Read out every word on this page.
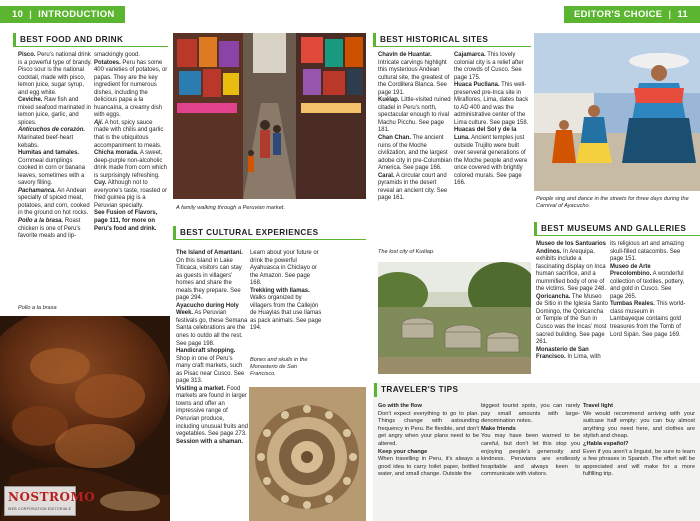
10 | INTRODUCTION	EDITOR'S CHOICE | 11
BEST FOOD AND DRINK

Pisco. Peru's national drink is a powerful type of brandy. Pisco sour is the national cocktail, made with pisco, lemon juice, sugar syrup, and egg white.

Ceviche. Raw fish and mixed seafood marinated in lemon juice, garlic, and spices.

Anticuchos de corazón. Marinated beef-heart kebabs.

Humitas and tamales. Cornmeal dumplings cooked in corn or banana leaves, sometimes with a savory filling.

Pachamanca. An Andean specialty of spiced meat, potatoes, and corn, cooked in the ground on hot rocks.

Pollo a la brasa. Roast chicken is one of Peru's favorite meals and lip-

smackingly good.

Potatoes. Peru has some 400 varieties of potatoes, or papas. They are the key ingredient for numerous dishes, including the delicious papa a la huancaína, a creamy dish with eggs.

Ají. A hot, spicy sauce made with chilis and garlic that is the ubiquitous accompaniment to meals.

Chicha morada. A sweet, deep-purple non-alcoholic drink made from corn which is surprisingly refreshing.

Cuy. Although not to everyone's taste, roasted or fried guinea pig is a Peruvian specialty.

See Fusion of Flavors, page 111, for more on Peru's food and drink.

Pollo a la brasa
NOSTROMO
WEB CORPORATION EDITORIALE
A family walking through a Peruvian market.
BEST CULTURAL EXPERIENCES

The Island of Amantaní. On this island in Lake Titicaca, visitors can stay as guests in villagers' homes and share the meals they prepare. See page 294.

Ayacucho during Holy Week. As Peruvian festivals go, these Semana Santa celebrations are the ones to outdo all the rest. See page 198.

Handicraft shopping. Shop in one of Peru's many craft markets, such as Pisac near Cusco. See page 313.

Visiting a market. Food markets are found in larger towns and offer an impressive range of Peruvian produce, including unusual fruits and vegetables. See page 273.

Session with a shaman.

Learn about your future or drink the powerful Ayahuasca in Chiclayo or the Amazon. See page 168.

Trekking with llamas. Walks organized by villagers from the Callejón de Huaylas that use llamas as pack animals. See page 194.

Bones and skulls in the Monasterio de San Francisco.
BEST HISTORICAL SITES

Chavín de Huantar. Intricate carvings highlight this mysterious Andean cultural site, the greatest of the Cordillera Blanca. See page 191.

Kuélap. Little-visited ruined citadel in Peru's north, spectacular enough to rival Machu Picchu. See page 181.

Chan Chan. The ancient ruins of the Moche civilization, and the largest adobe city in pre-Columbian America. See page 166.

Caral. A circular court and pyramids in the desert reveal an ancient city. See page 161.

Cajamarca. This lovely colonial city is a relief after the crowds of Cusco. See page 175.

Huaca Pucllana. This well-preserved pre-Inca site in Miraflores, Lima, dates back to AD 400 and was the administrative center of the Lima culture. See page 158.

Huacas del Sol y de la Luna. Ancient temples just outside Trujillo were built over several generations of the Moche people and were once covered with brightly colored murals. See page 166.

The lost city of Kuélap.
People sing and dance in the streets for three days during the Carnival of Ayacucho.
BEST MUSEUMS AND GALLERIES

Museo de los Santuarios Andinos. In Arequipa, exhibits include a fascinating display on Inca human sacrifice, and a mummified body of one of the victims. See page 248.

Qoricancha. The Museo de Sitio in the Iglesia Santo Domingo, the Qoricancha or Temple of the Sun in Cusco was the Incas' most sacred building. See page 261.

Monasterio de San Francisco. In Lima, with

its religious art and amazing skull-filled catacombs. See page 151.

Museo de Arte Precolombino. A wonderful collection of textiles, pottery, and gold in Cusco. See page 265.

Tumbas Reales. This world-class museum in Lambayeque contains gold treasures from the Tomb of Lord Sipán. See page 169.

TRAVELER'S TIPS

Go with the flow

Don't expect everything to go to plan. Things change with astounding frequency in Peru. Be flexible, and don't get angry when your plans need to be altered.

Keep your change

When travelling in Peru, it's always a good idea to carry toilet paper, bottled water, and small change. Outside the

biggest tourist spots, you can rarely pay small amounts with large-denomination notes.

Make friends

You may have been warned to be careful, but don't let this stop you enjoying people's generosity and kindness. Peruvians are endlessly hospitable and always keen to communicate with visitors.

Travel light

We would recommend arriving with your suitcase half empty: you can buy almost anything you need here, and clothes are stylish and cheap.

¿Habla español?

Even if you aren't a linguist, be sure to learn a few phrases in Spanish. The effort will be appreciated and will make for a more fulfilling trip.
